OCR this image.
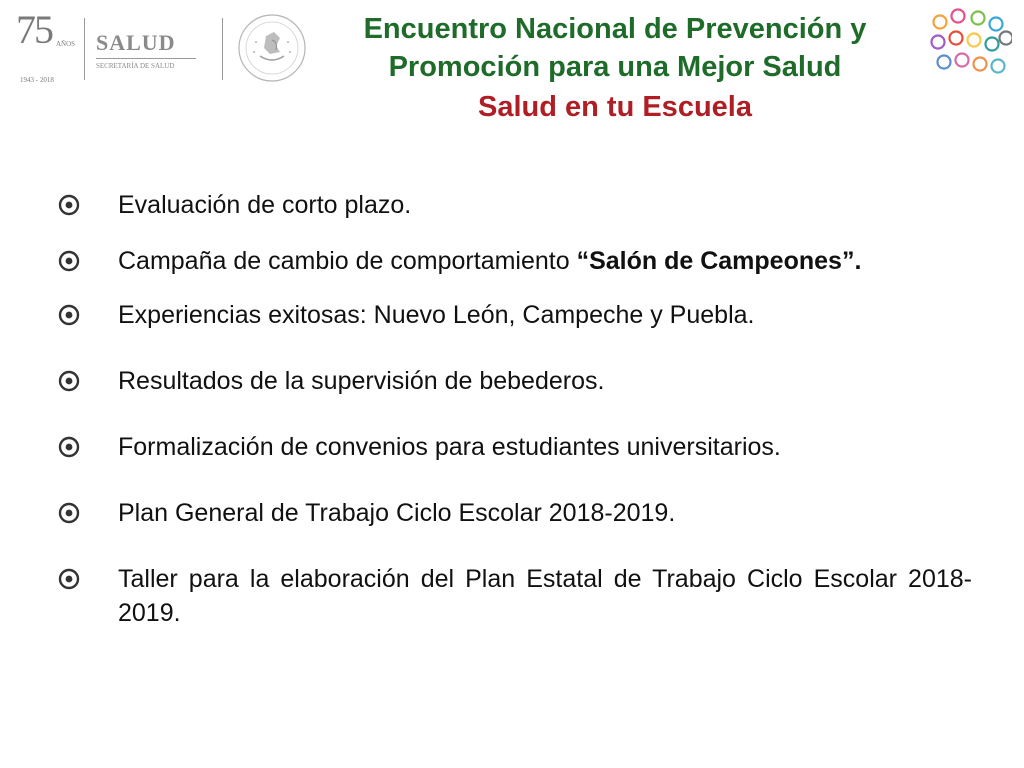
75 AÑOS
1943 - 2018
SALUD
SECRETARÍA DE SALUD
Encuentro Nacional de Prevención y
Promoción para una Mejor Salud
Salud en tu Escuela
Evaluación de corto plazo.
Campaña de cambio de comportamiento “Salón de Campeones”.
Experiencias exitosas: Nuevo León, Campeche y Puebla.
Resultados de la supervisión de bebederos.
Formalización de convenios para estudiantes universitarios.
Plan General de Trabajo Ciclo Escolar 2018-2019.
Taller para la elaboración del Plan Estatal de Trabajo Ciclo Escolar 2018-2019.
